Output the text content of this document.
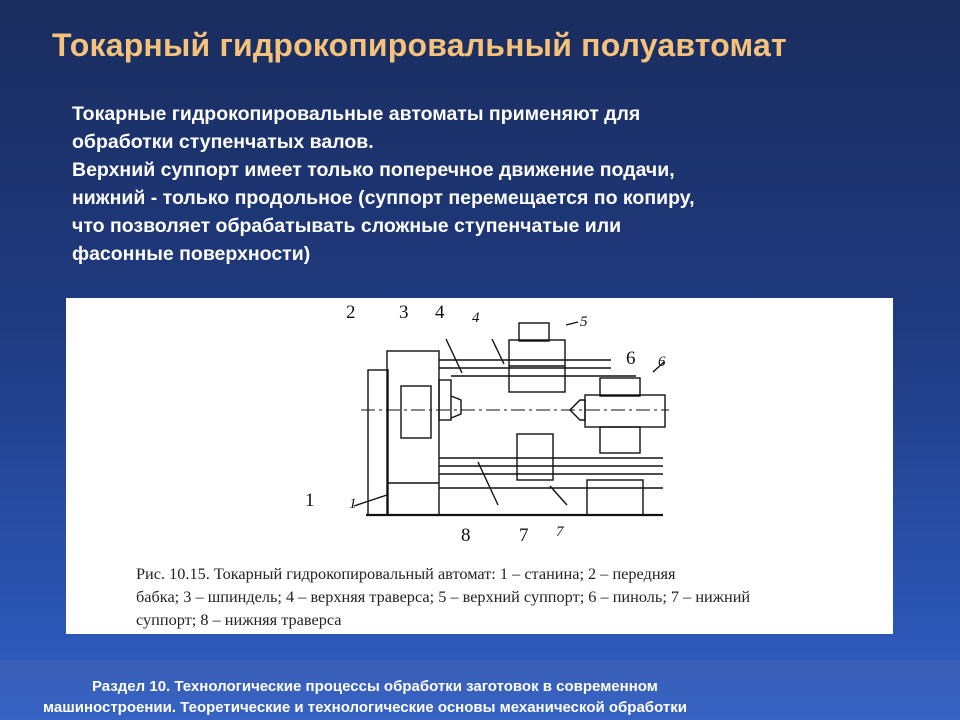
Токарный гидрокопировальный полуавтомат
Токарные гидрокопировальные автоматы применяют для
обработки ступенчатых валов.
Верхний суппорт имеет только поперечное движение подачи,
нижний - только продольное (суппорт перемещается по копиру,
что позволяет обрабатывать сложные ступенчатые или
фасонные поверхности)
2 3 4
6
1
8	7
4	5
6
1
7
Рис. 10.15. Токарный гидрокопировальный автомат: 1 – станина; 2 – передняя
бабка; 3 – шпиндель; 4 – верхняя траверса; 5 – верхний суппорт; 6 – пиноль; 7 – нижний
суппорт; 8 – нижняя траверса
Раздел 10. Технологические процессы обработки заготовок в современном
машиностроении. Теоретические и технологические основы механической обработки
